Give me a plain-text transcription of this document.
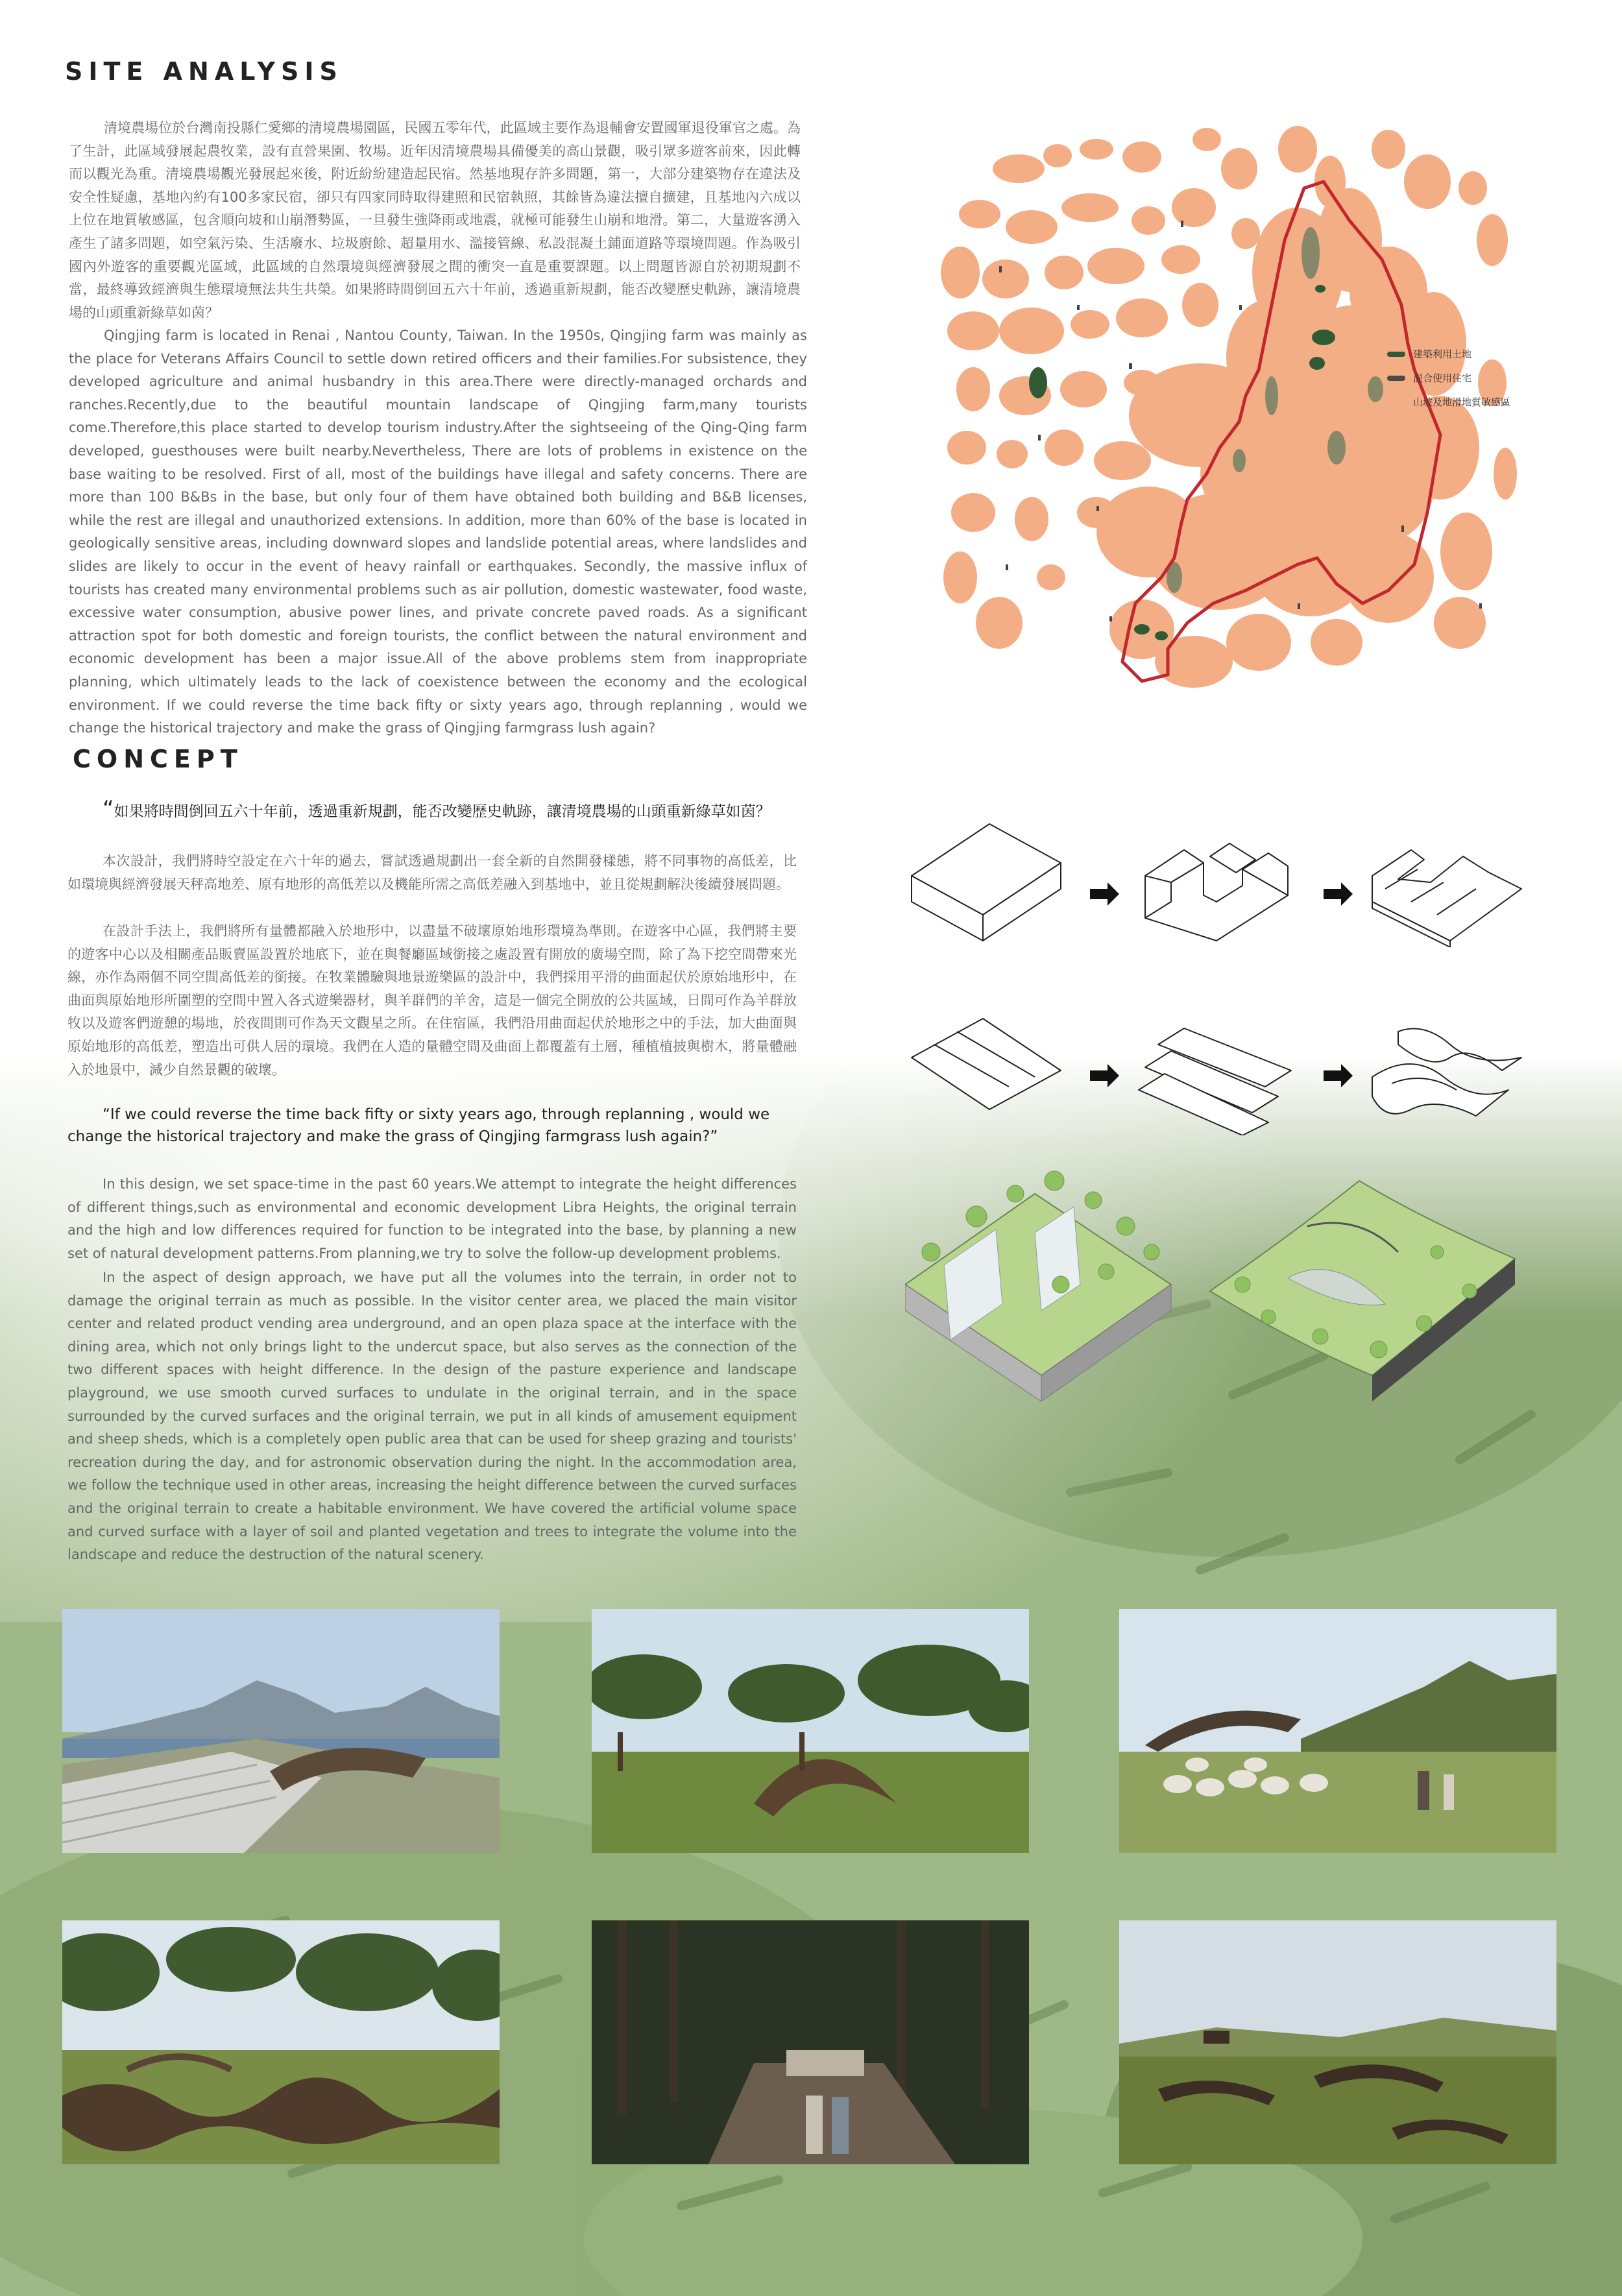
SITE ANALYSIS

清境農場位於台灣南投縣仁愛鄉的清境農場園區，民國五零年代，此區域主要作為退輔會安置國軍退役軍官之處。為了生計，此區域發展起農牧業，設有直營果園、牧場。近年因清境農場具備優美的高山景觀，吸引眾多遊客前來，因此轉而以觀光為重。清境農場觀光發展起來後，附近紛紛建造起民宿。然基地現存許多問題，第一，大部分建築物存在違法及安全性疑慮，基地內約有100多家民宿，卻只有四家同時取得建照和民宿執照，其餘皆為違法擅自擴建，且基地內六成以上位在地質敏感區，包含順向坡和山崩潛勢區，一旦發生強降雨或地震，就極可能發生山崩和地滑。第二，大量遊客湧入產生了諸多問題，如空氣污染、生活廢水、垃圾廚餘、超量用水、濫接管線、私設混凝土鋪面道路等環境問題。作為吸引國內外遊客的重要觀光區域，此區域的自然環境與經濟發展之間的衝突一直是重要課題。以上問題皆源自於初期規劃不當，最終導致經濟與生態環境無法共生共榮。如果將時間倒回五六十年前，透過重新規劃，能否改變歷史軌跡，讓清境農場的山頭重新綠草如茵？

Qingjing farm is located in Renai , Nantou County, Taiwan. In the 1950s, Qingjing farm was mainly as the place for Veterans Affairs Council to settle down retired officers and their families.For subsistence, they developed agriculture and animal husbandry in this area.There were directly-managed orchards and ranches.Recently,due to the beautiful mountain landscape of Qingjing farm,many tourists come.Therefore,this place started to develop tourism industry.After the sightseeing of the Qing-Qing farm developed, guesthouses were built nearby.Nevertheless, There are lots of problems in existence on the base waiting to be resolved. First of all, most of the buildings have illegal and safety concerns. There are more than 100 B&Bs in the base, but only four of them have obtained both building and B&B licenses, while the rest are illegal and unauthorized extensions. In addition, more than 60% of the base is located in geologically sensitive areas, including downward slopes and landslide potential areas, where landslides and slides are likely to occur in the event of heavy rainfall or earthquakes. Secondly, the massive influx of tourists has created many environmental problems such as air pollution, domestic wastewater, food waste, excessive water consumption, abusive power lines, and private concrete paved roads. As a significant attraction spot for both domestic and foreign tourists, the conflict between the natural environment and economic development has been a major issue.All of the above problems stem from inappropriate planning, which ultimately leads to the lack of coexistence between the economy and the ecological environment. If we could reverse the time back fifty or sixty years ago, through replanning , would we change the historical trajectory and make the grass of Qingjing farmgrass lush again?

建築利用土地
混合使用住宅
山坡及地滑地質敏感區
CONCEPT

“如果將時間倒回五六十年前，透過重新規劃，能否改變歷史軌跡，讓清境農場的山頭重新綠草如茵？

本次設計，我們將時空設定在六十年的過去，嘗試透過規劃出一套全新的自然開發樣態，將不同事物的高低差，比如環境與經濟發展天秤高地差、原有地形的高低差以及機能所需之高低差融入到基地中，並且從規劃解決後續發展問題。

在設計手法上，我們將所有量體都融入於地形中，以盡量不破壞原始地形環境為準則。在遊客中心區，我們將主要的遊客中心以及相關產品販賣區設置於地底下，並在與餐廳區域銜接之處設置有開放的廣場空間，除了為下挖空間帶來光線，亦作為兩個不同空間高低差的銜接。在牧業體驗與地景遊樂區的設計中，我們採用平滑的曲面起伏於原始地形中，在曲面與原始地形所圍塑的空間中置入各式遊樂器材，與羊群們的羊舍，這是一個完全開放的公共區域，日間可作為羊群放牧以及遊客們遊憩的場地，於夜間則可作為天文觀星之所。在住宿區，我們沿用曲面起伏於地形之中的手法，加大曲面與原始地形的高低差，塑造出可供人居的環境。我們在人造的量體空間及曲面上都覆蓋有土層，種植植披與樹木，將量體融入於地景中，減少自然景觀的破壞。

“If we could reverse the time back fifty or sixty years ago, through replanning , would we change the historical trajectory and make the grass of Qingjing farmgrass lush again?”

In this design, we set space-time in the past 60 years.We attempt to integrate the height differences of different things,such as environmental and economic development Libra Heights, the original terrain and the high and low differences required for function to be integrated into the base, by planning a new set of natural development patterns.From planning,we try to solve the follow-up development problems.

In the aspect of design approach, we have put all the volumes into the terrain, in order not to damage the original terrain as much as possible. In the visitor center area, we placed the main visitor center and related product vending area underground, and an open plaza space at the interface with the dining area, which not only brings light to the undercut space, but also serves as the connection of the two different spaces with height difference. In the design of the pasture experience and landscape playground, we use smooth curved surfaces to undulate in the original terrain, and in the space surrounded by the curved surfaces and the original terrain, we put in all kinds of amusement equipment and sheep sheds, which is a completely open public area that can be used for sheep grazing and tourists' recreation during the day, and for astronomic observation during the night. In the accommodation area, we follow the technique used in other areas, increasing the height difference between the curved surfaces and the original terrain to create a habitable environment. We have covered the artificial volume space and curved surface with a layer of soil and planted vegetation and trees to integrate the volume into the landscape and reduce the destruction of the natural scenery.
